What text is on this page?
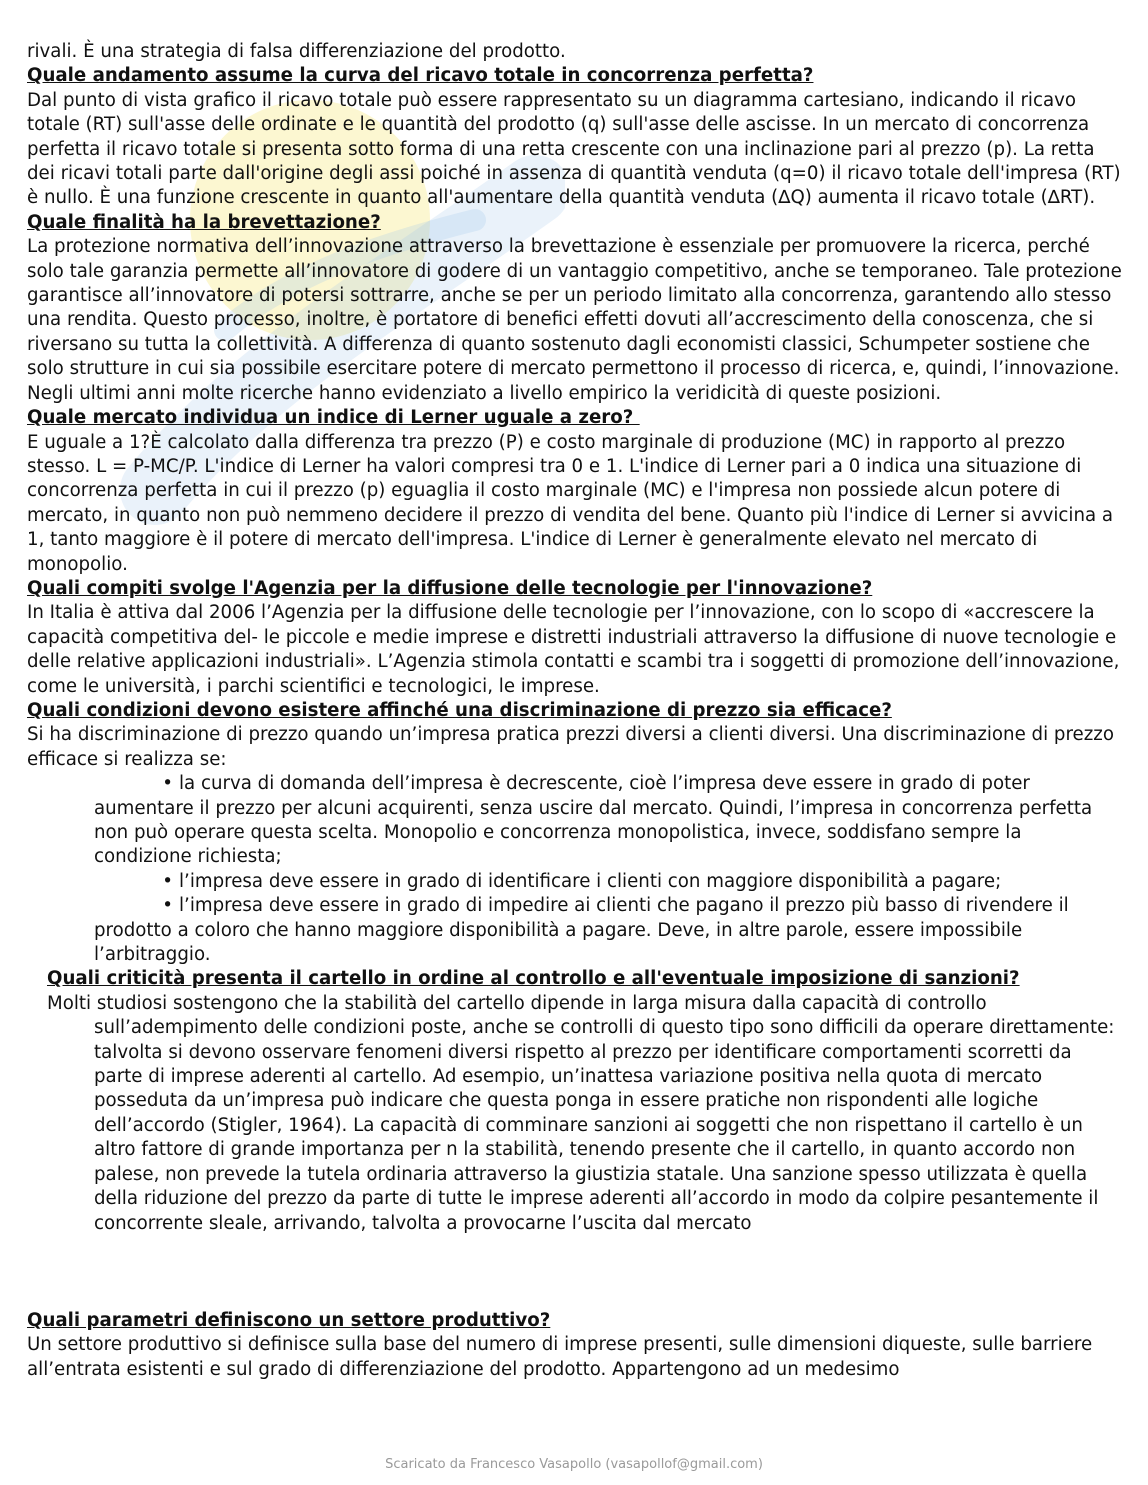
rivali. È una strategia di falsa differenziazione del prodotto.

Quale andamento assume la curva del ricavo totale in concorrenza perfetta?

Dal punto di vista grafico il ricavo totale può essere rappresentato su un diagramma cartesiano, indicando il ricavo totale (RT) sull'asse delle ordinate e le quantità del prodotto (q) sull'asse delle ascisse. In un mercato di concorrenza perfetta il ricavo totale si presenta sotto forma di una retta crescente con una inclinazione pari al prezzo (p). La retta dei ricavi totali parte dall'origine degli assi poiché in assenza di quantità venduta (q=0) il ricavo totale dell'impresa (RT) è nullo. È una funzione crescente in quanto all'aumentare della quantità venduta (∆Q) aumenta il ricavo totale (∆RT).

Quale finalità ha la brevettazione?

La protezione normativa dell’innovazione attraverso la brevettazione è essenziale per promuovere la ricerca, perché solo tale garanzia permette all’innovatore di godere di un vantaggio competitivo, anche se temporaneo. Tale protezione garantisce all’innovatore di potersi sottrarre, anche se per un periodo limitato alla concorrenza, garantendo allo stesso una rendita. Questo processo, inoltre, è portatore di benefici effetti dovuti all’accrescimento della conoscenza, che si riversano su tutta la collettività. A differenza di quanto sostenuto dagli economisti classici, Schumpeter sostiene che solo strutture in cui sia possibile esercitare potere di mercato permettono il processo di ricerca, e, quindi, l’innovazione. Negli ultimi anni molte ricerche hanno evidenziato a livello empirico la veridicità di queste posizioni.

Quale mercato individua un indice di Lerner uguale a zero?

E uguale a 1?È calcolato dalla differenza tra prezzo (P) e costo marginale di produzione (MC) in rapporto al prezzo stesso. L = P-MC/P. L'indice di Lerner ha valori compresi tra 0 e 1. L'indice di Lerner pari a 0 indica una situazione di concorrenza perfetta in cui il prezzo (p) eguaglia il costo marginale (MC) e l'impresa non possiede alcun potere di mercato, in quanto non può nemmeno decidere il prezzo di vendita del bene. Quanto più l'indice di Lerner si avvicina a 1, tanto maggiore è il potere di mercato dell'impresa. L'indice di Lerner è generalmente elevato nel mercato di monopolio.

Quali compiti svolge l'Agenzia per la diffusione delle tecnologie per l'innovazione?

In Italia è attiva dal 2006 l’Agenzia per la diffusione delle tecnologie per l’innovazione, con lo scopo di «accrescere la capacità competitiva del- le piccole e medie imprese e distretti industriali attraverso la diffusione di nuove tecnologie e delle relative applicazioni industriali». L’Agenzia stimola contatti e scambi tra i soggetti di promozione dell’innovazione, come le università, i parchi scientifici e tecnologici, le imprese.

Quali condizioni devono esistere affinché una discriminazione di prezzo sia efficace?

Si ha discriminazione di prezzo quando un’impresa pratica prezzi diversi a clienti diversi. Una discriminazione di prezzo efficace si realizza se:

• la curva di domanda dell’impresa è decrescente, cioè l’impresa deve essere in grado di poter aumentare il prezzo per alcuni acquirenti, senza uscire dal mercato. Quindi, l’impresa in concorrenza perfetta non può operare questa scelta. Monopolio e concorrenza monopolistica, invece, soddisfano sempre la condizione richiesta;

• l’impresa deve essere in grado di identificare i clienti con maggiore disponibilità a pagare;

• l’impresa deve essere in grado di impedire ai clienti che pagano il prezzo più basso di rivendere il prodotto a coloro che hanno maggiore disponibilità a pagare. Deve, in altre parole, essere impossibile l’arbitraggio.

Quali criticità presenta il cartello in ordine al controllo e all'eventuale imposizione di sanzioni?

Molti studiosi sostengono che la stabilità del cartello dipende in larga misura dalla capacità di controllo sull’adempimento delle condizioni poste, anche se controlli di questo tipo sono difficili da operare direttamente: talvolta si devono osservare fenomeni diversi rispetto al prezzo per identificare comportamenti scorretti da parte di imprese aderenti al cartello. Ad esempio, un’inattesa variazione positiva nella quota di mercato posseduta da un’impresa può indicare che questa ponga in essere pratiche non rispondenti alle logiche dell’accordo (Stigler, 1964). La capacità di comminare sanzioni ai soggetti che non rispettano il cartello è un altro fattore di grande importanza per n la stabilità, tenendo presente che il cartello, in quanto accordo non palese, non prevede la tutela ordinaria attraverso la giustizia statale. Una sanzione spesso utilizzata è quella della riduzione del prezzo da parte di tutte le imprese aderenti all’accordo in modo da colpire pesantemente il concorrente sleale, arrivando, talvolta a provocarne l’uscita dal mercato

Quali parametri definiscono un settore produttivo?

Un settore produttivo si definisce sulla base del numero di imprese presenti, sulle dimensioni diqueste, sulle barriere all’entrata esistenti e sul grado di differenziazione del prodotto. Appartengono ad un medesimo

Scaricato da Francesco Vasapollo (vasapollof@gmail.com)
